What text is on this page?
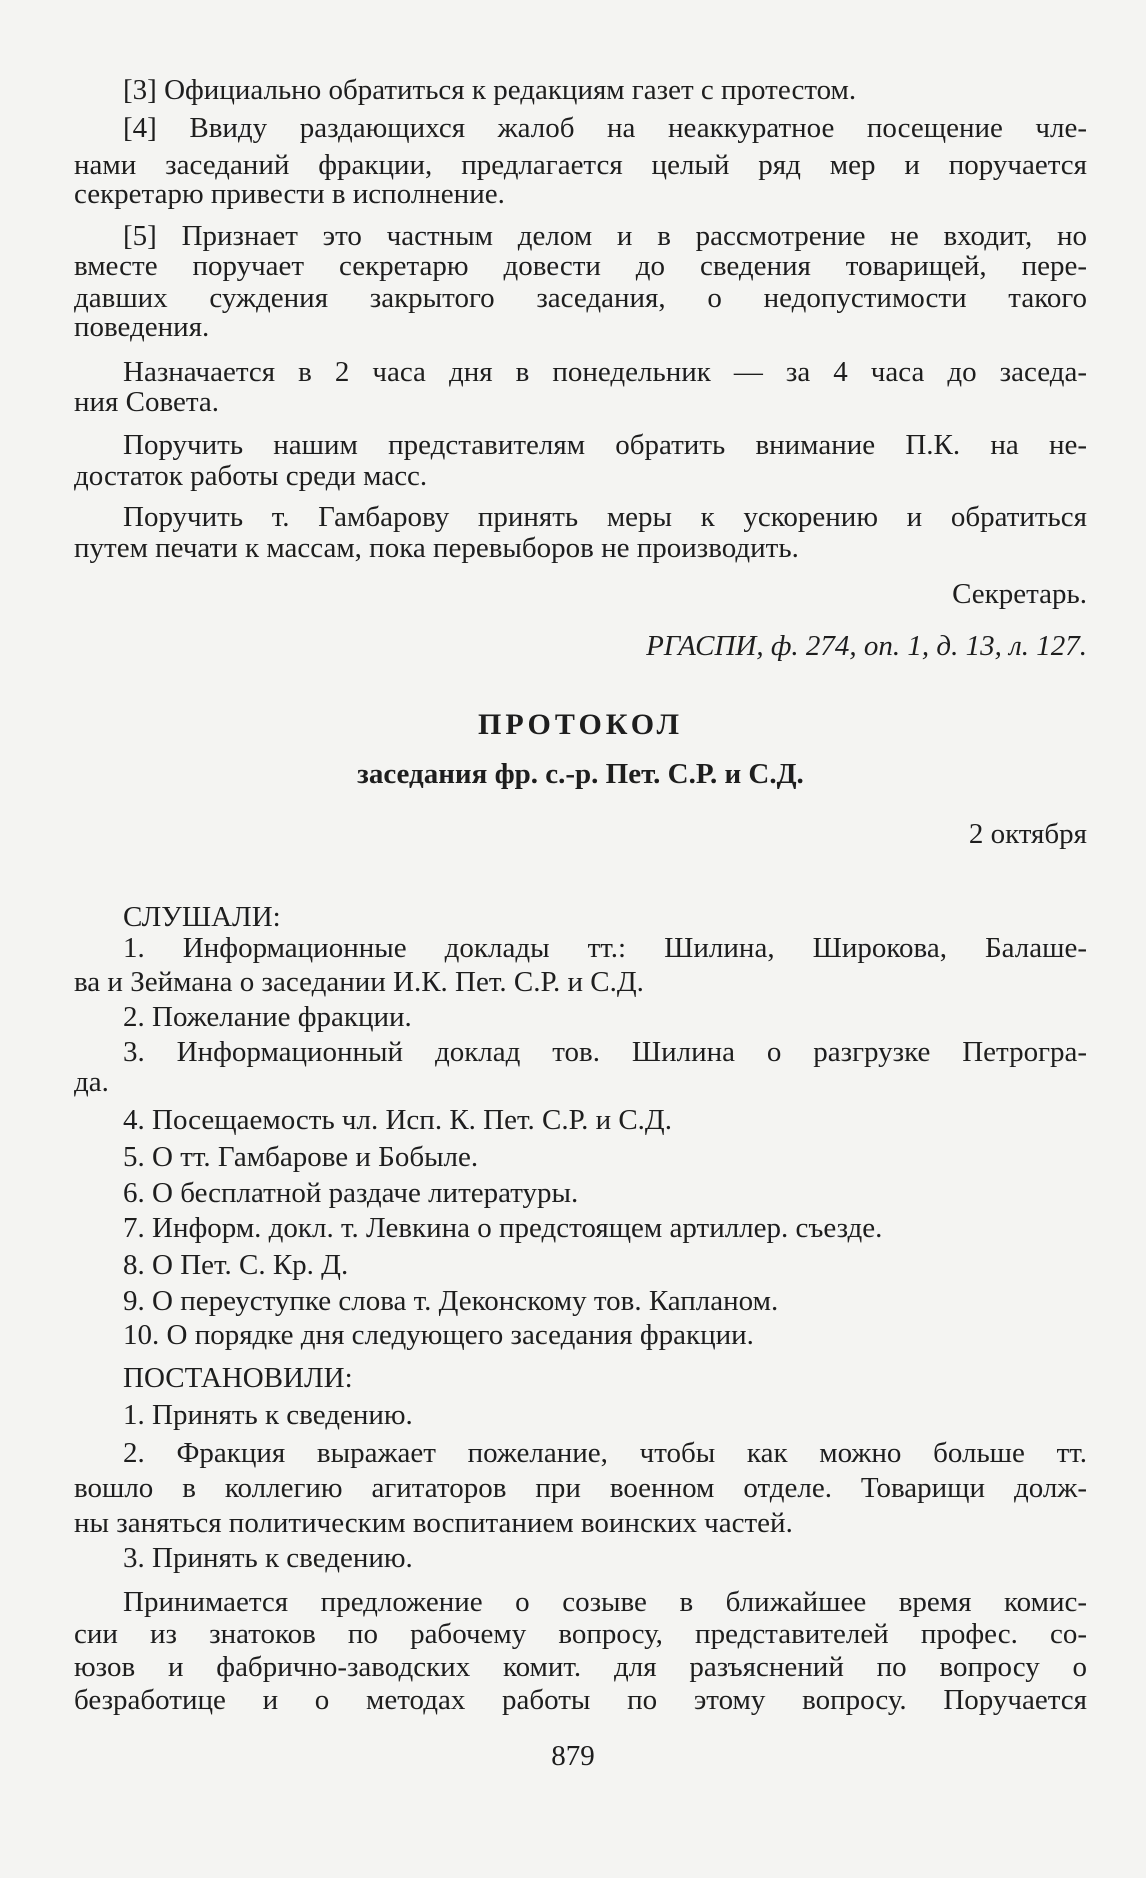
[3] Официально обратиться к редакциям газет с протестом.
[4] Ввиду раздающихся жалоб на неаккуратное посещение чле-
нами заседаний фракции, предлагается целый ряд мер и поручается
секретарю привести в исполнение.
[5] Признает это частным делом и в рассмотрение не входит, но
вместе поручает секретарю довести до сведения товарищей, пере-
давших суждения закрытого заседания, о недопустимости такого
поведения.
Назначается в 2 часа дня в понедельник — за 4 часа до заседа-
ния Совета.
Поручить нашим представителям обратить внимание П.К. на не-
достаток работы среди масс.
Поручить т. Гамбарову принять меры к ускорению и обратиться
путем печати к массам, пока перевыборов не производить.
Секретарь.
РГАСПИ, ф. 274, оп. 1, д. 13, л. 127.
ПРОТОКОЛ
заседания фр. с.-р. Пет. С.Р. и С.Д.
2 октября
СЛУШАЛИ:
1. Информационные доклады тт.: Шилина, Широкова, Балаше-
ва и Зеймана о заседании И.К. Пет. С.Р. и С.Д.
2. Пожелание фракции.
3. Информационный доклад тов. Шилина о разгрузке Петрогра-
да.
4. Посещаемость чл. Исп. К. Пет. С.Р. и С.Д.
5. О тт. Гамбарове и Бобыле.
6. О бесплатной раздаче литературы.
7. Информ. докл. т. Левкина о предстоящем артиллер. съезде.
8. О Пет. С. Кр. Д.
9. О переуступке слова т. Деконскому тов. Капланом.
10. О порядке дня следующего заседания фракции.
ПОСТАНОВИЛИ:
1. Принять к сведению.
2. Фракция выражает пожелание, чтобы как можно больше тт.
вошло в коллегию агитаторов при военном отделе. Товарищи долж-
ны заняться политическим воспитанием воинских частей.
3. Принять к сведению.
Принимается предложение о созыве в ближайшее время комис-
сии из знатоков по рабочему вопросу, представителей профес. со-
юзов и фабрично-заводских комит. для разъяснений по вопросу о
безработице и о методах работы по этому вопросу. Поручается
879
